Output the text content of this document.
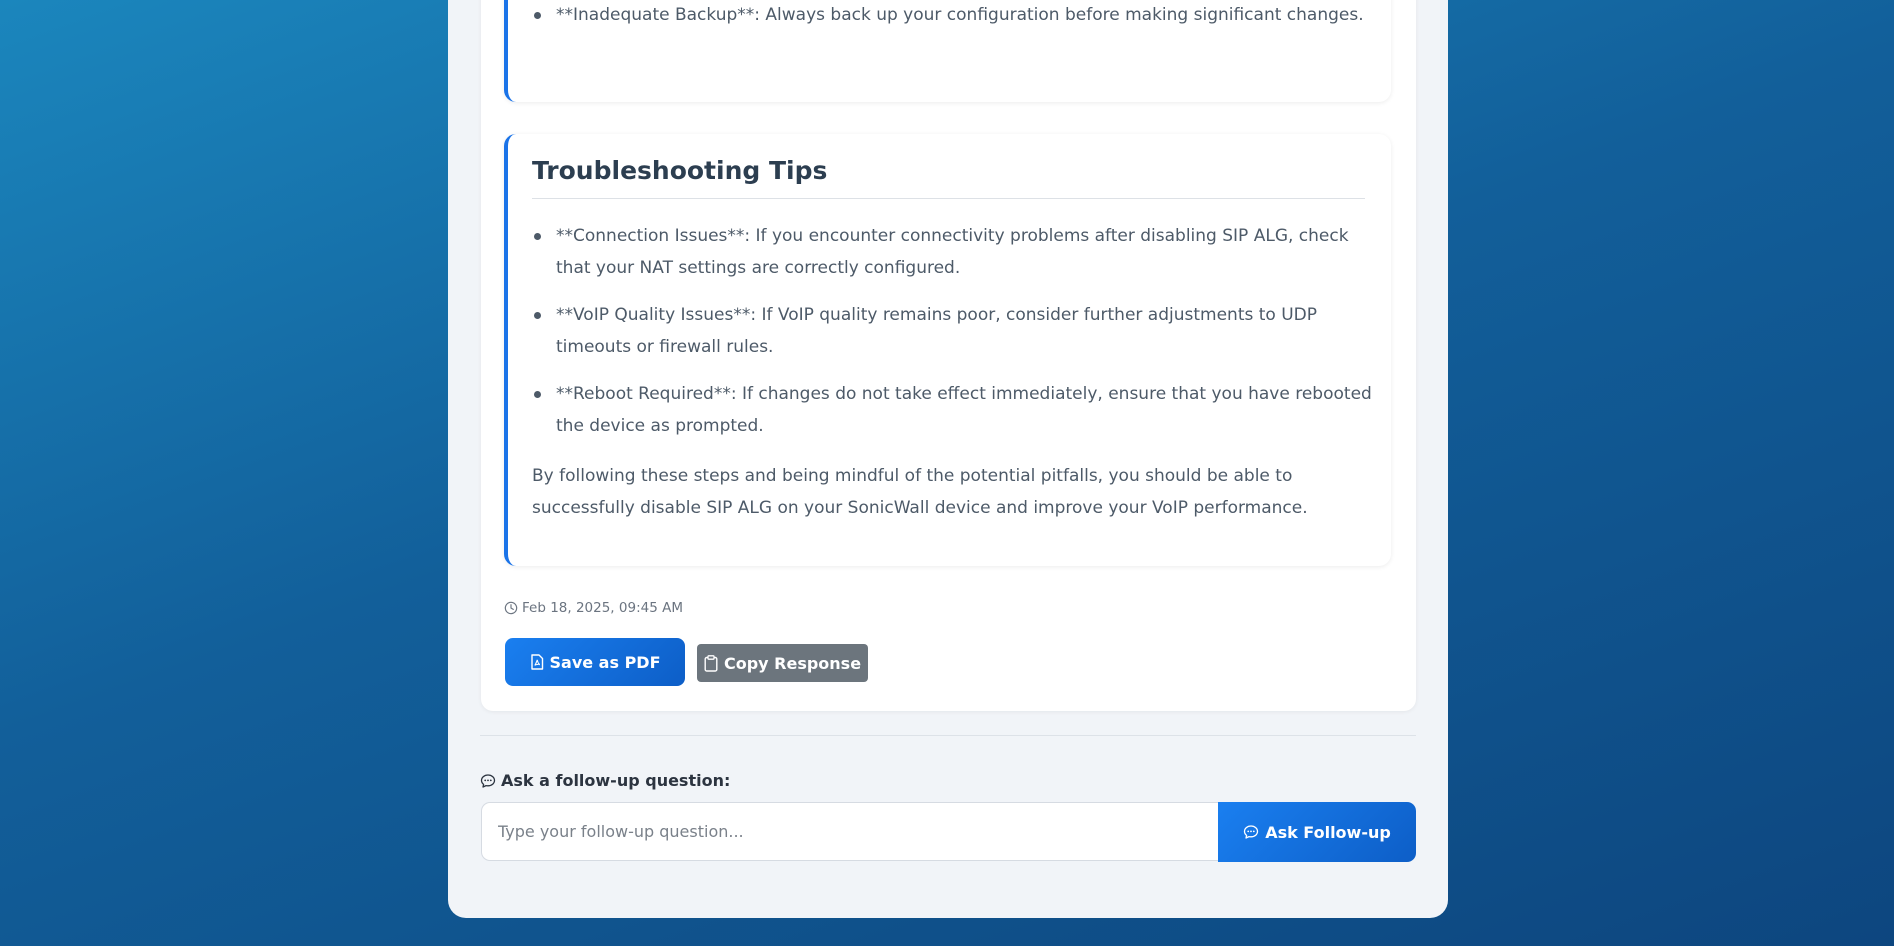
**Inadequate Backup**: Always back up your configuration before making significant changes.
Troubleshooting Tips
**Connection Issues**: If you encounter connectivity problems after disabling SIP ALG, check that your NAT settings are correctly configured.
**VoIP Quality Issues**: If VoIP quality remains poor, consider further adjustments to UDP timeouts or firewall rules.
**Reboot Required**: If changes do not take effect immediately, ensure that you have rebooted the device as prompted.

By following these steps and being mindful of the potential pitfalls, you should be able to successfully disable SIP ALG on your SonicWall device and improve your VoIP performance.

Feb 18, 2025, 09:45 AM
Save as PDF	Copy Response
Ask a follow-up question:
Type your follow-up question...
Ask Follow-up
